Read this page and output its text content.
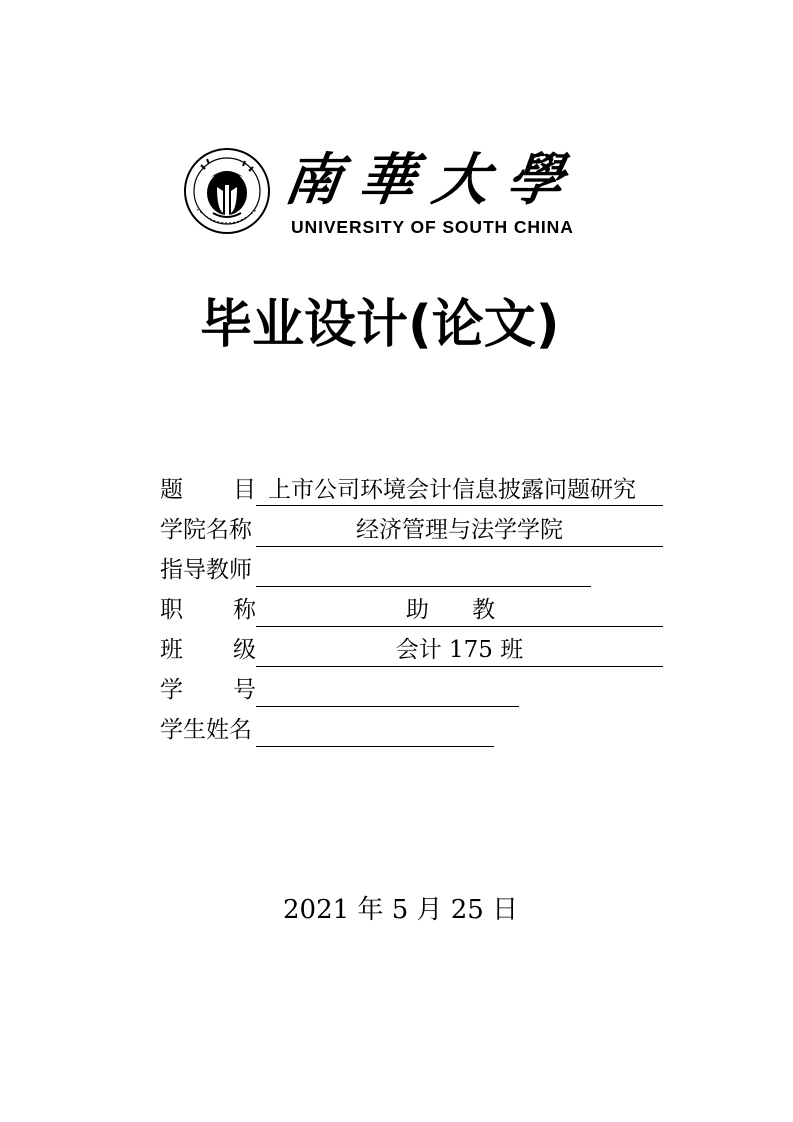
南華大學
UNIVERSITY OF SOUTH CHINA
毕业设计(论文)
题 目 上市公司环境会计信息披露问题研究
学院名称	经济管理与法学学院
指导教师
职 称	助 教
班 级	会计 175 班
学 号
学生姓名
2021 年 5 月 25 日
